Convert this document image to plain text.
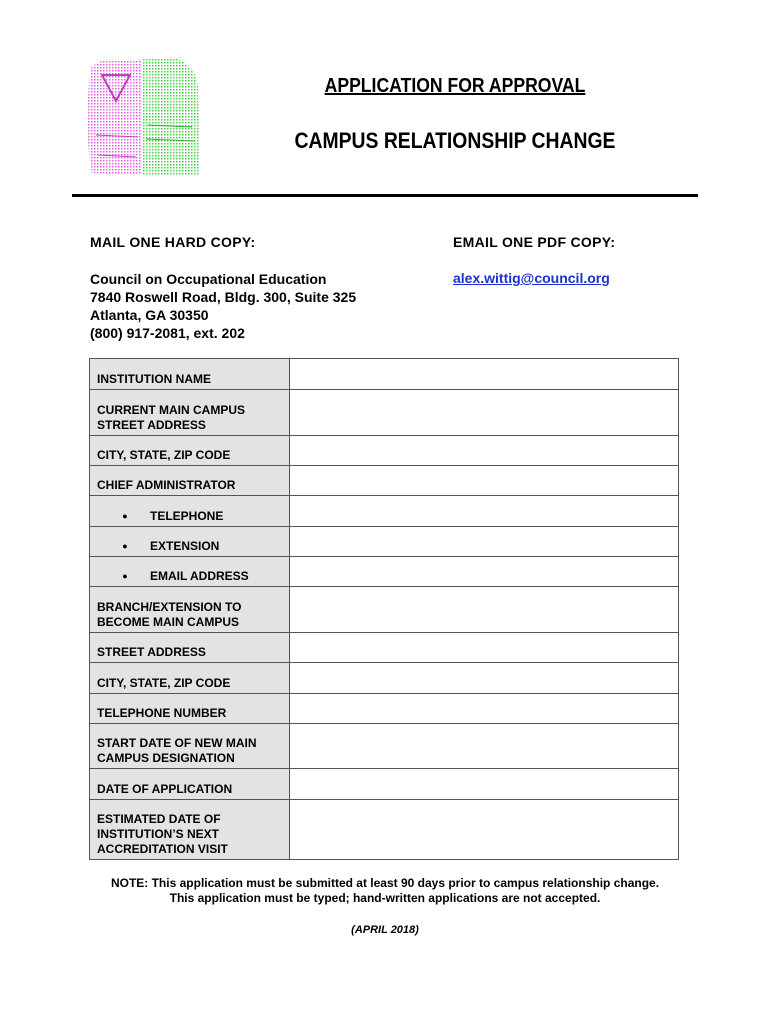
APPLICATION FOR APPROVAL
CAMPUS RELATIONSHIP CHANGE
MAIL ONE HARD COPY:	EMAIL ONE PDF COPY:
Council on Occupational Education
7840 Roswell Road, Bldg. 300, Suite 325
Atlanta, GA 30350
(800) 917-2081, ext. 202
alex.wittig@council.org
INSTITUTION NAME	
CURRENT MAIN CAMPUS STREET ADDRESS	
CITY, STATE, ZIP CODE	
CHIEF ADMINISTRATOR	
● TELEPHONE	
● EXTENSION	
● EMAIL ADDRESS	
BRANCH/EXTENSION TO BECOME MAIN CAMPUS	
STREET ADDRESS	
CITY, STATE, ZIP CODE	
TELEPHONE NUMBER	
START DATE OF NEW MAIN CAMPUS DESIGNATION	
DATE OF APPLICATION	
ESTIMATED DATE OF INSTITUTION’S NEXT ACCREDITATION VISIT	
NOTE: This application must be submitted at least 90 days prior to campus relationship change.
This application must be typed; hand-written applications are not accepted.
(APRIL 2018)
